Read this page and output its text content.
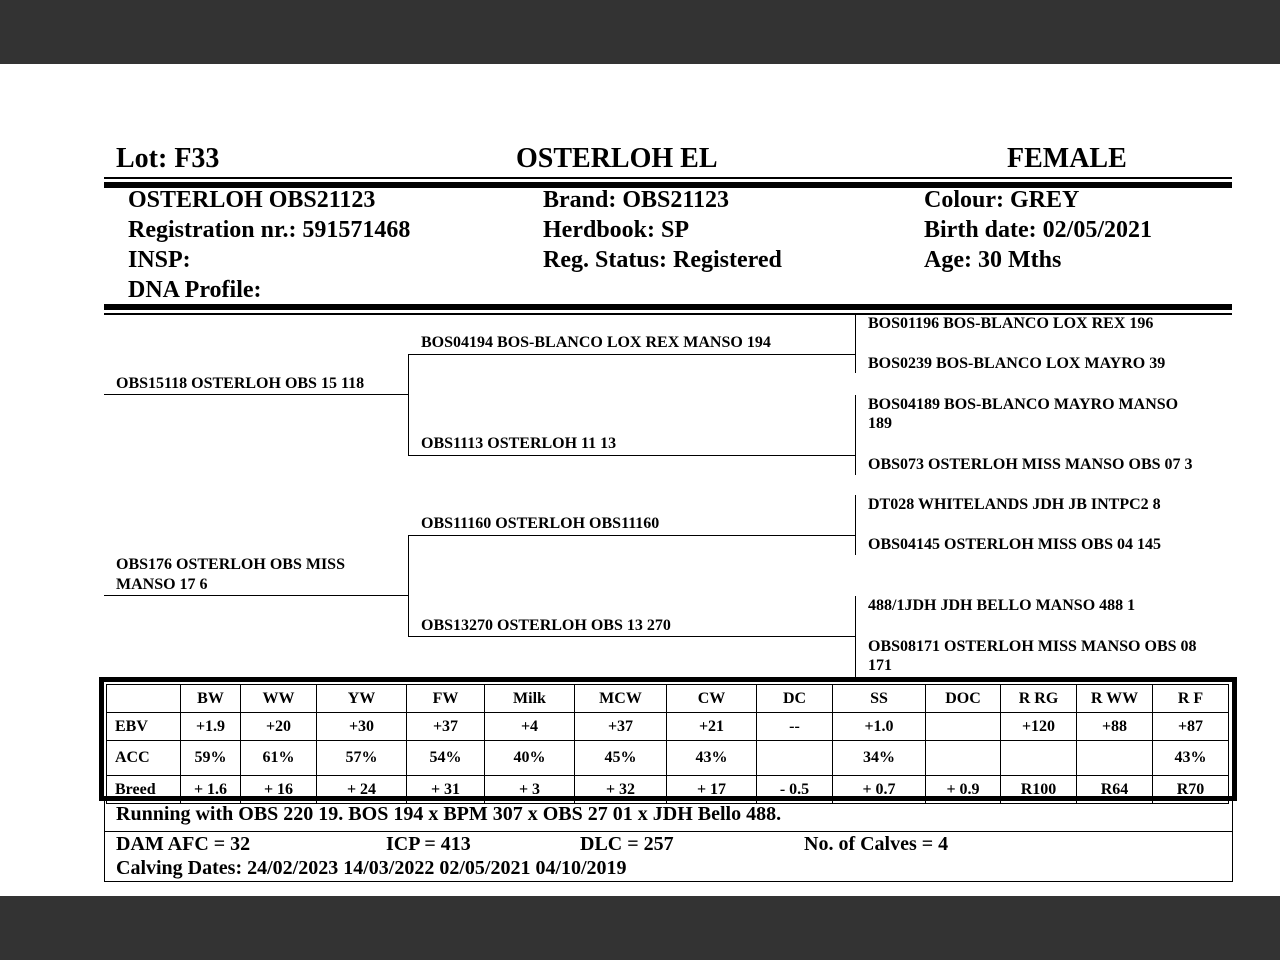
Lot: F33	OSTERLOH EL	FEMALE
OSTERLOH OBS21123
Registration nr.: 591571468
INSP:
DNA Profile:
Brand: OBS21123
Herdbook: SP
Reg. Status: Registered
Colour: GREY
Birth date: 02/05/2021
Age: 30 Mths
OBS15118 OSTERLOH OBS 15 118
OBS176 OSTERLOH OBS MISS
MANSO 17 6
BOS04194 BOS-BLANCO LOX REX MANSO 194
OBS1113 OSTERLOH 11 13
OBS11160 OSTERLOH OBS11160
OBS13270 OSTERLOH OBS 13 270
BOS01196 BOS-BLANCO LOX REX 196
BOS0239 BOS-BLANCO LOX MAYRO 39
BOS04189 BOS-BLANCO MAYRO MANSO
189
OBS073 OSTERLOH MISS MANSO OBS 07 3
DT028 WHITELANDS JDH JB INTPC2 8
OBS04145 OSTERLOH MISS OBS 04 145
488/1JDH JDH BELLO MANSO 488 1
OBS08171 OSTERLOH MISS MANSO OBS 08
171
	BW	WW	YW	FW	Milk	MCW	CW	DC	SS	DOC	R RG	R WW	R F
EBV	+1.9	+20	+30	+37	+4	+37	+21	--	+1.0		+120	+88	+87
ACC	59%	61%	57%	54%	40%	45%	43%		34%				43%
Breed	+ 1.6	+ 16	+ 24	+ 31	+ 3	+ 32	+ 17	- 0.5	+ 0.7	+ 0.9	R100	R64	R70
Running with OBS 220 19. BOS 194 x BPM 307 x OBS 27 01 x JDH Bello 488.
DAM AFC = 32	ICP = 413	DLC = 257	No. of Calves = 4
Calving Dates: 24/02/2023 14/03/2022 02/05/2021 04/10/2019
